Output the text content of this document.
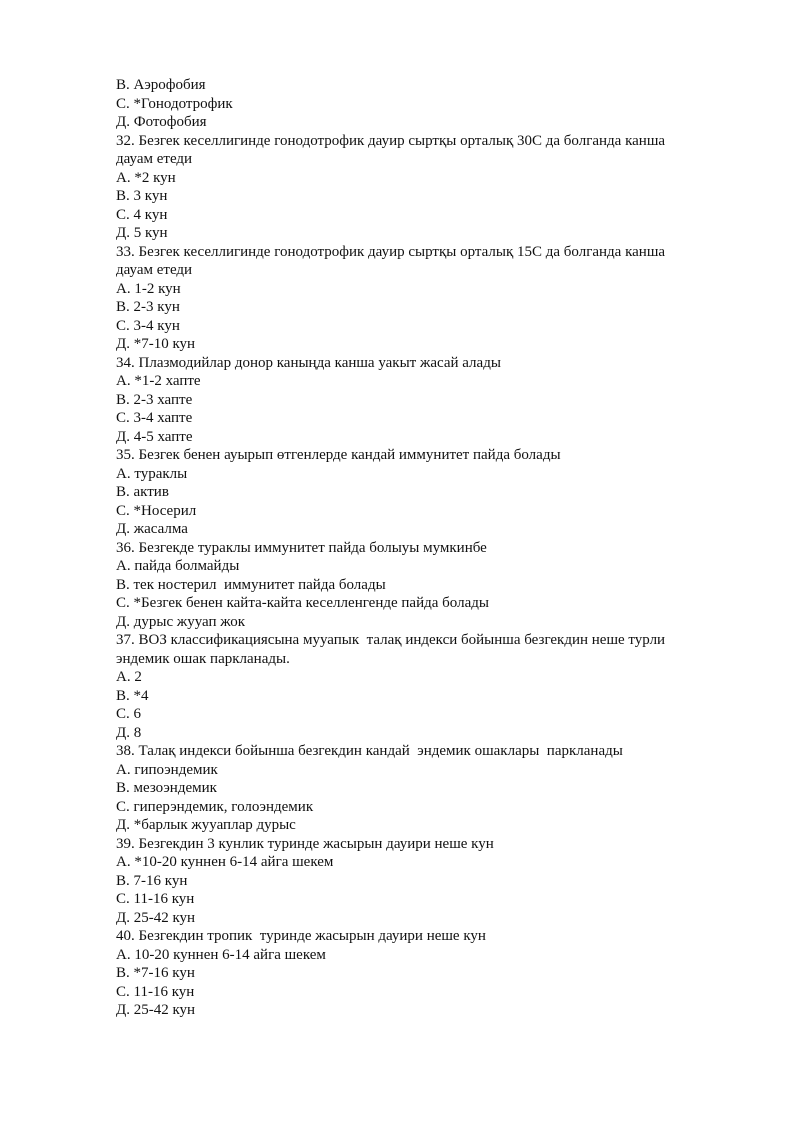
В. Аэрофобия

С. *Гонодотрофик

Д. Фотофобия

32. Безгек кеселлигинде гонодотрофик дауир сыртқы орталық 30С да болганда канша

дауам етеди

А. *2 кун

В. 3 кун

С. 4 кун

Д. 5 кун

33. Безгек кеселлигинде гонодотрофик дауир сыртқы орталық 15С да болганда канша

дауам етеди

А. 1-2 кун

В. 2-3 кун

С. 3-4 кун

Д. *7-10 кун

34. Плазмодийлар донор каныңда канша уакыт жасай алады

А. *1-2 хапте

В. 2-3 хапте

С. 3-4 хапте

Д. 4-5 хапте

35. Безгек бенен ауырып өтгенлерде кандай иммунитет пайда болады

А. тураклы

В. актив

С. *Носерил

Д. жасалма

36. Безгекде тураклы иммунитет пайда болыуы мумкинбе

А. пайда болмайды

В. тек ностерил  иммунитет пайда болады

С. *Безгек бенен кайта-кайта кеселленгенде пайда болады

Д. дурыс жууап жок

37. ВОЗ классификациясына мууапык  талақ индекси бойынша безгекдин неше турли

эндемик ошак паркланады.

А. 2

В. *4

С. 6

Д. 8

38. Талақ индекси бойынша безгекдин кандай  эндемик ошаклары  паркланады

А. гипоэндемик

В. мезоэндемик

С. гиперэндемик, голоэндемик

Д. *барлык жууаплар дурыс

39. Безгекдин 3 кунлик туринде жасырын дауири неше кун

А. *10-20 куннен 6-14 айга шекем

В. 7-16 кун

С. 11-16 кун

Д. 25-42 кун

40. Безгекдин тропик  туринде жасырын дауири неше кун

А. 10-20 куннен 6-14 айга шекем

В. *7-16 кун

С. 11-16 кун

Д. 25-42 кун
